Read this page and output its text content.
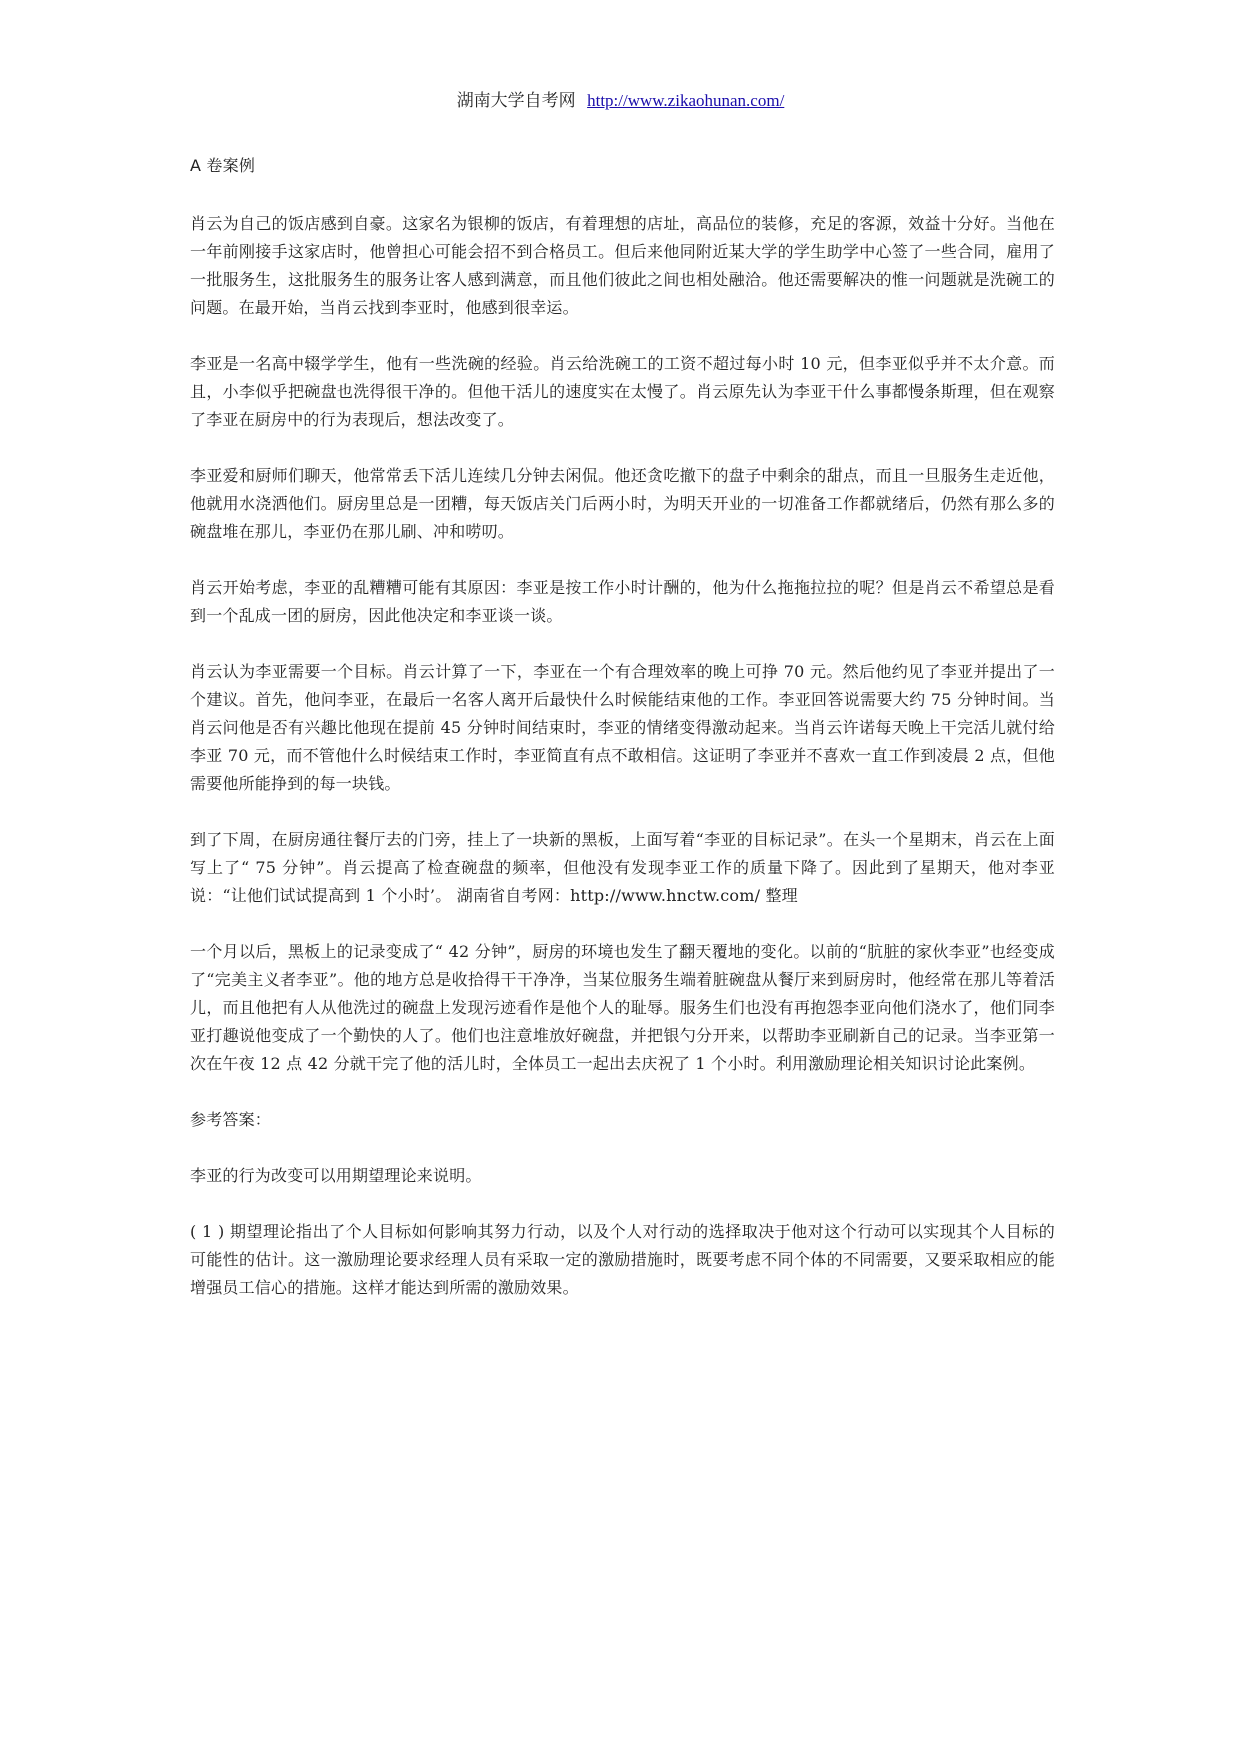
湖南大学自考网 http://www.zikaohunan.com/

A 卷案例

肖云为自己的饭店感到自豪。这家名为银柳的饭店，有着理想的店址，高品位的装修，充足的客源，效益十分好。当他在一年前刚接手这家店时，他曾担心可能会招不到合格员工。但后来他同附近某大学的学生助学中心签了一些合同，雇用了一批服务生，这批服务生的服务让客人感到满意，而且他们彼此之间也相处融洽。他还需要解决的惟一问题就是洗碗工的问题。在最开始，当肖云找到李亚时，他感到很幸运。

李亚是一名高中辍学学生，他有一些洗碗的经验。肖云给洗碗工的工资不超过每小时 10 元，但李亚似乎并不太介意。而且，小李似乎把碗盘也洗得很干净的。但他干活儿的速度实在太慢了。肖云原先认为李亚干什么事都慢条斯理，但在观察了李亚在厨房中的行为表现后，想法改变了。

李亚爱和厨师们聊天，他常常丢下活儿连续几分钟去闲侃。他还贪吃撤下的盘子中剩余的甜点，而且一旦服务生走近他，他就用水浇洒他们。厨房里总是一团糟，每天饭店关门后两小时，为明天开业的一切准备工作都就绪后，仍然有那么多的碗盘堆在那儿，李亚仍在那儿刷、冲和唠叨。

肖云开始考虑，李亚的乱糟糟可能有其原因：李亚是按工作小时计酬的，他为什么拖拖拉拉的呢？但是肖云不希望总是看到一个乱成一团的厨房，因此他决定和李亚谈一谈。

肖云认为李亚需要一个目标。肖云计算了一下，李亚在一个有合理效率的晚上可挣 70 元。然后他约见了李亚并提出了一个建议。首先，他问李亚，在最后一名客人离开后最快什么时候能结束他的工作。李亚回答说需要大约 75 分钟时间。当肖云问他是否有兴趣比他现在提前 45 分钟时间结束时，李亚的情绪变得激动起来。当肖云许诺每天晚上干完活儿就付给李亚 70 元，而不管他什么时候结束工作时，李亚简直有点不敢相信。这证明了李亚并不喜欢一直工作到凌晨 2 点，但他需要他所能挣到的每一块钱。

到了下周，在厨房通往餐厅去的门旁，挂上了一块新的黑板，上面写着“李亚的目标记录”。在头一个星期末，肖云在上面写上了“ 75 分钟”。肖云提高了检查碗盘的频率，但他没有发现李亚工作的质量下降了。因此到了星期天，他对李亚说：“让他们试试提高到 1 个小时’。 湖南省自考网：http://www.hnctw.com/ 整理

一个月以后，黑板上的记录变成了“ 42 分钟”，厨房的环境也发生了翻天覆地的变化。以前的“肮脏的家伙李亚”也经变成了“完美主义者李亚”。他的地方总是收拾得干干净净，当某位服务生端着脏碗盘从餐厅来到厨房时，他经常在那儿等着活儿，而且他把有人从他洗过的碗盘上发现污迹看作是他个人的耻辱。服务生们也没有再抱怨李亚向他们浇水了，他们同李亚打趣说他变成了一个勤快的人了。他们也注意堆放好碗盘，并把银勺分开来，以帮助李亚刷新自己的记录。当李亚第一次在午夜 12 点 42 分就干完了他的活儿时，全体员工一起出去庆祝了 1 个小时。利用激励理论相关知识讨论此案例。

参考答案：

李亚的行为改变可以用期望理论来说明。

( 1 ) 期望理论指出了个人目标如何影响其努力行动，以及个人对行动的选择取决于他对这个行动可以实现其个人目标的可能性的估计。这一激励理论要求经理人员有采取一定的激励措施时，既要考虑不同个体的不同需要，又要采取相应的能增强员工信心的措施。这样才能达到所需的激励效果。
